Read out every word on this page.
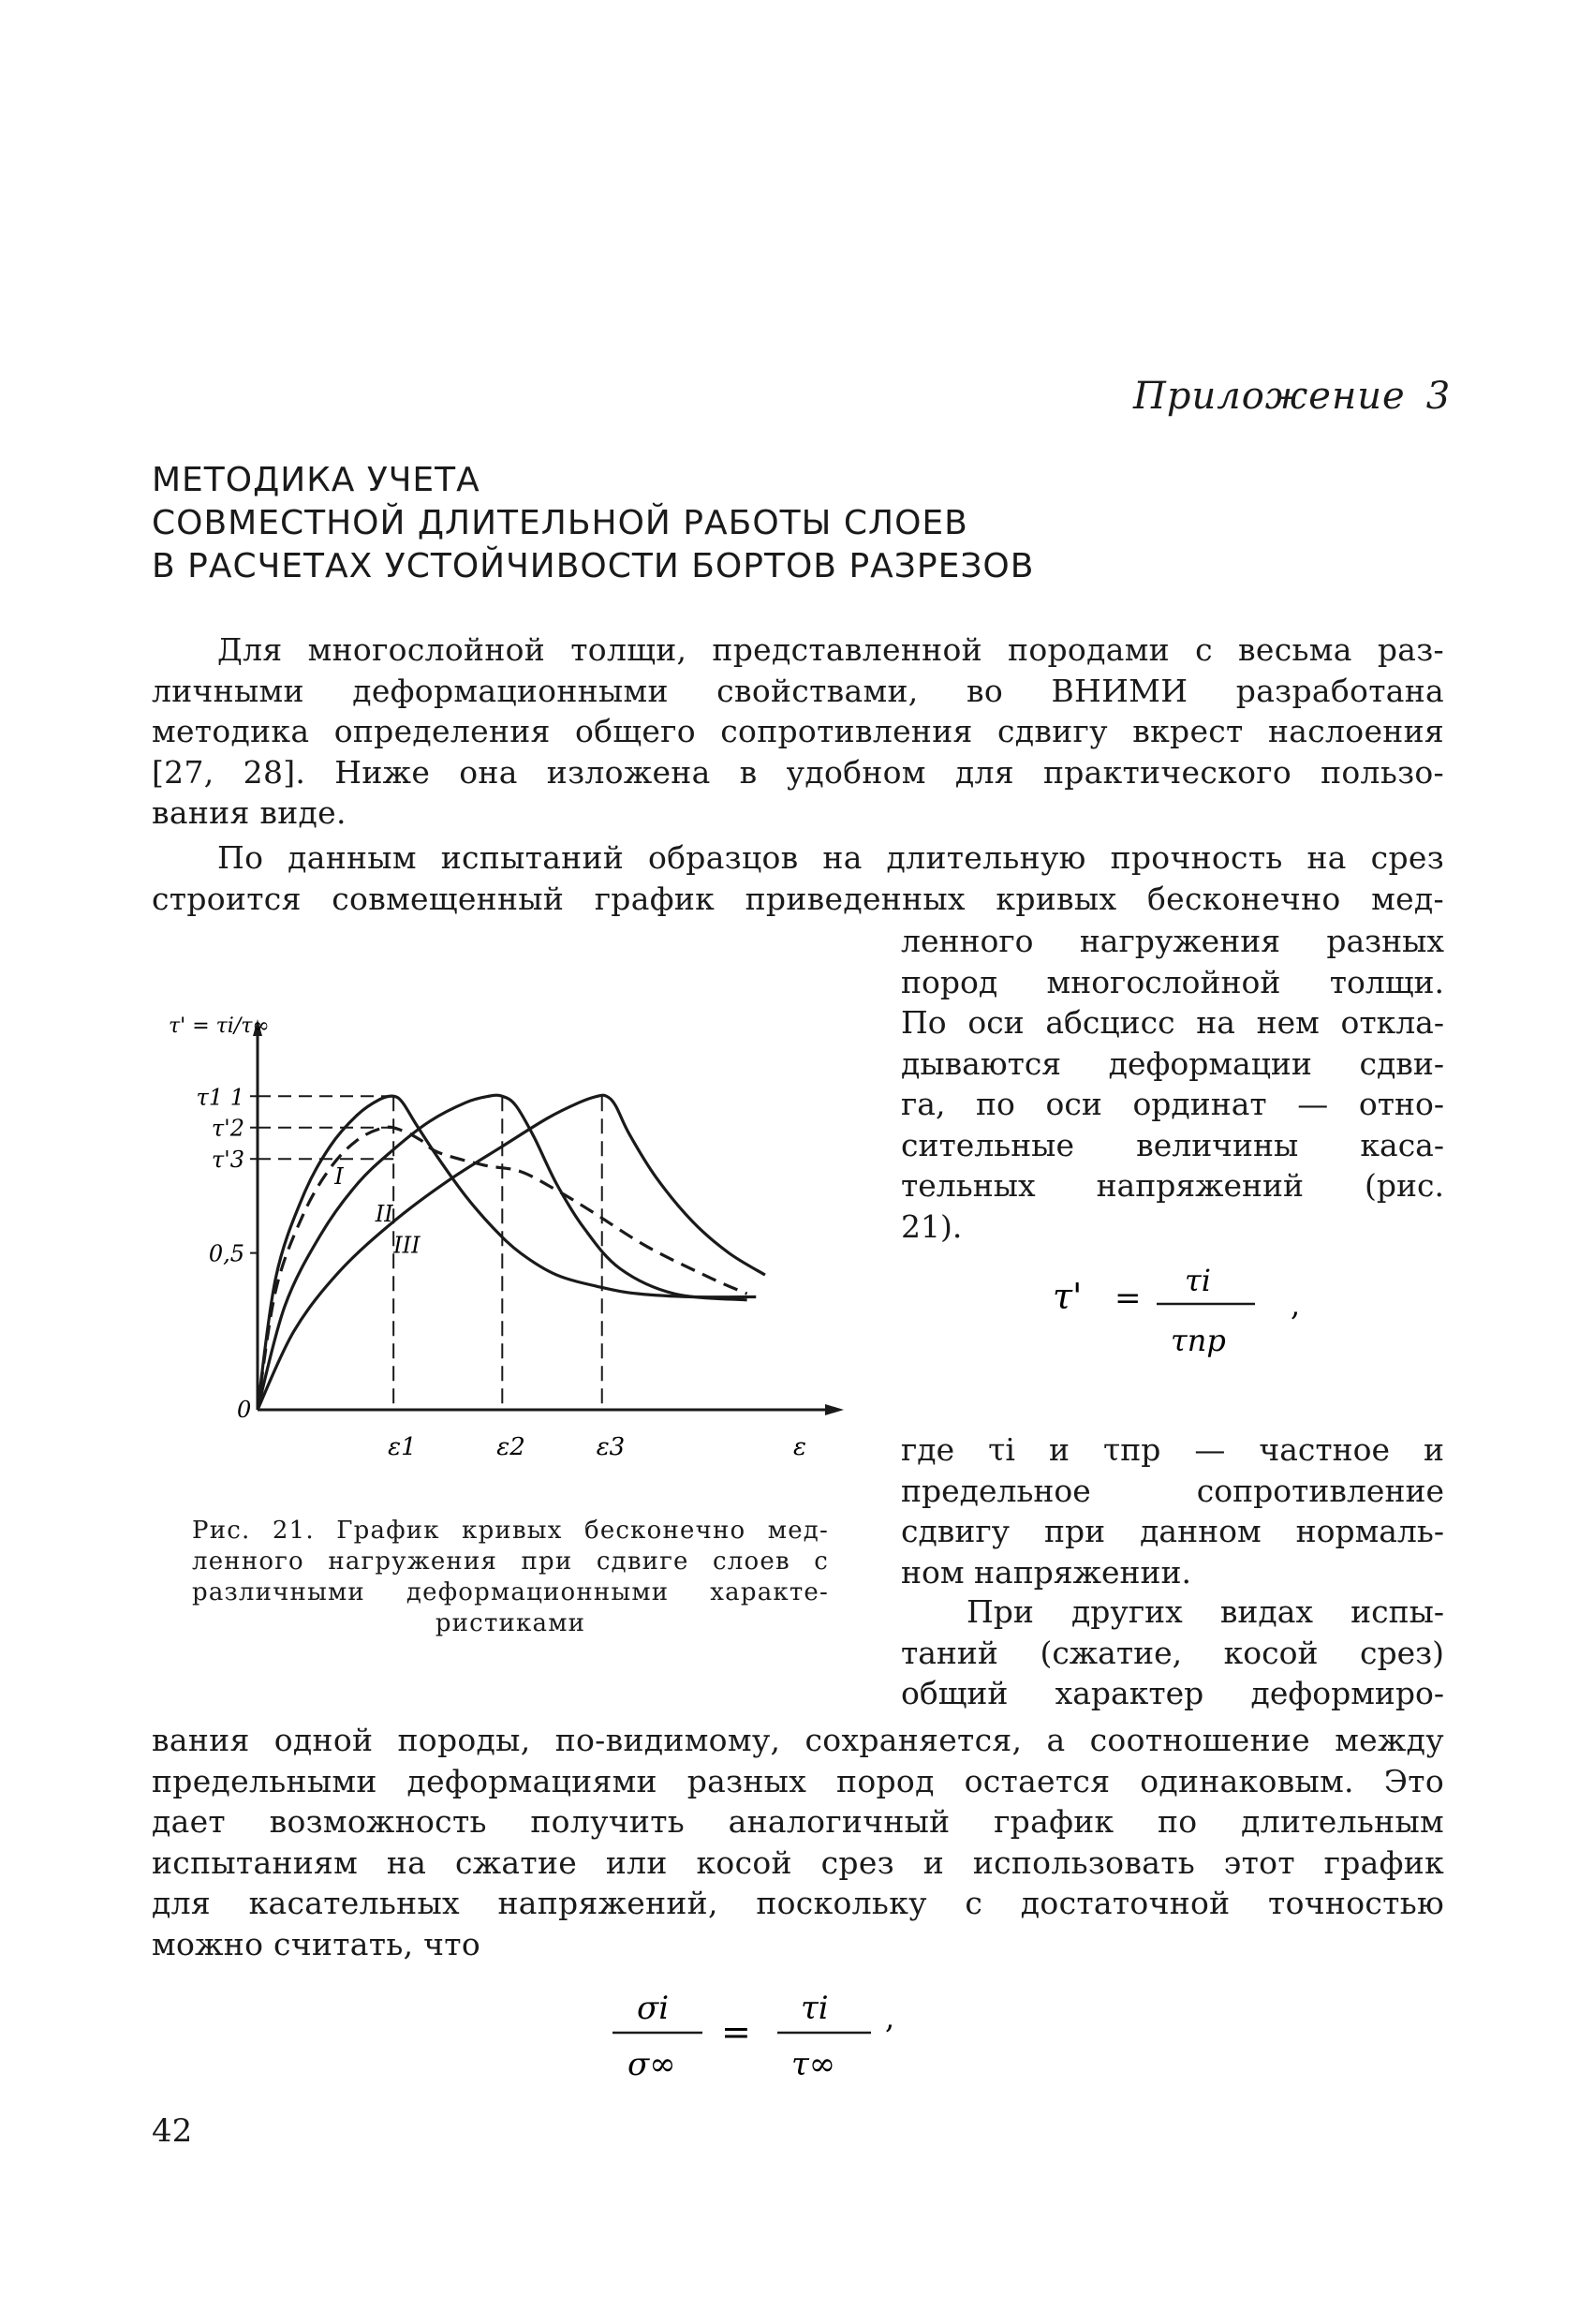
Приложение 3
МЕТОДИКА УЧЕТА
СОВМЕСТНОЙ ДЛИТЕЛЬНОЙ РАБОТЫ СЛОЕВ
В РАСЧЕТАХ УСТОЙЧИВОСТИ БОРТОВ РАЗРЕЗОВ
Для многослойной толщи, представленной породами с весьма раз-
личными деформационными свойствами, во ВНИМИ разработана
методика определения общего сопротивления сдвигу вкрест наслоения
[27, 28]. Ниже она изложена в удобном для практического пользо-
вания виде.
По данным испытаний образцов на длительную прочность на срез
строится совмещенный график приведенных кривых бесконечно мед-
ленного нагружения разных
пород многослойной толщи.
По оси абсцисс на нем откла-
дываются деформации сдви-
га, по оси ординат — отно-
сительные величины каса-
тельных напряжений (рис.
21).
τ' = τi
τпр
,
где τi и τпр — частное и
предельное сопротивление
сдвигу при данном нормаль-
ном напряжении.
При других видах испы-
таний (сжатие, косой срез)
общий характер деформиро-
вания одной породы, по-видимому, сохраняется, а соотношение между
предельными деформациями разных пород остается одинаковым. Это
дает возможность получить аналогичный график по длительным
испытаниям на сжатие или косой срез и использовать этот график
для касательных напряжений, поскольку с достаточной точностью
можно считать, что
σi
σ∞
=
τi
τ∞
,
τ1 1
τ'2
τ'3
0,5
τ' = τi/τ∞
0
ε1	ε2	ε3	ε
I
II
III
Рис. 21. График кривых бесконечно мед-
ленного нагружения при сдвиге слоев с
различными деформационными характе-
ристиками
42
